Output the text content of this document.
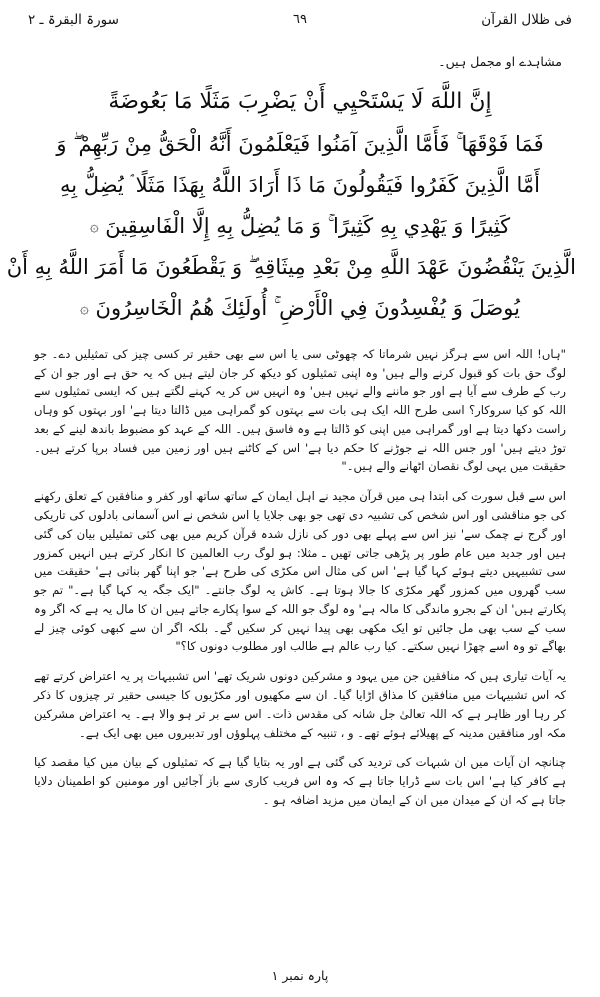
فی ظلال القرآن
٦٩
سورۃ البقرۃ ـ ٢
مشاہدے او مجمل ہیں۔
إِنَّ اللَّهَ لَا يَسْتَحْيِي أَنْ يَضْرِبَ مَثَلًا مَا بَعُوضَةً
فَمَا فَوْقَهَا ۚ فَأَمَّا الَّذِينَ آمَنُوا فَيَعْلَمُونَ أَنَّهُ الْحَقُّ مِنْ رَبِّهِمْ ۖ وَ
أَمَّا الَّذِينَ كَفَرُوا فَيَقُولُونَ مَا ذَا أَرَادَ اللَّهُ بِهَذَا مَثَلًا ۘ يُضِلُّ بِهِ
كَثِيرًا وَ يَهْدِي بِهِ كَثِيرًا ۚ وَ مَا يُضِلُّ بِهِ إِلَّا الْفَاسِقِينَ ۞
الَّذِينَ يَنْقُضُونَ عَهْدَ اللَّهِ مِنْ بَعْدِ مِيثَاقِهِ ۖ وَ يَقْطَعُونَ مَا أَمَرَ اللَّهُ بِهِ أَنْ
يُوصَلَ وَ يُفْسِدُونَ فِي الْأَرْضِ ۚ أُولَئِكَ هُمُ الْخَاسِرُونَ ۞

"ہاں! اللہ اس سے ہرگز نہیں شرماتا کہ چھوٹی سی یا اس سے بھی حقیر تر کسی چیز کی تمثیلیں دے۔ جو لوگ حق بات کو قبول کرنے والے ہیں' وہ اپنی تمثیلوں کو دیکھ کر جان لیتے ہیں کہ یہ حق ہے اور جو ان کے رب کے طرف سے آیا ہے اور جو ماننے والے نہیں ہیں' وہ انہیں س کر یہ کہنے لگتے ہیں کہ ایسی تمثیلوں سے اللہ کو کیا سروکار؟ اسی طرح اللہ ایک ہی بات سے بہتوں کو گمراہی میں ڈالتا دیتا ہے' اور بہتوں کو وہاں راست دکھا دیتا ہے اور گمراہی میں اپنی کو ڈالتا ہے وہ فاسق ہیں۔ اللہ کے عہد کو مضبوط باندھ لینے کے بعد توڑ دیتے ہیں' اور جس اللہ نے جوڑنے کا حکم دیا ہے' اس کے کاٹنے ہیں اور زمین میں فساد برپا کرتے ہیں۔ حقیقت میں یہی لوگ نقصان اٹھانے والے ہیں۔"

اس سے قبل سورت کی ابتدا ہی میں قرآن مجید نے اہل ایمان کے ساتھ ساتھ اور کفر و منافقین کے تعلق رکھنے کی جو مناقشی اور اس شخص کی تشبیہ دی تھی جو بھی جلایا یا اس شخص نے اس آسمانی بادلوں کی تاریکی اور گرج نے چمک سے' نیز اس سے پہلے بھی دور کی نازل شدہ قرآن کریم میں بھی کئی تمثیلیں بیان کی گئی ہیں اور جدید میں عام طور پر پڑھی جاتی تھیں ـ مثلا: ہو لوگ رب العالمین کا انکار کرتے ہیں انہیں کمزور سی تشبیہیں دیتے ہوئے کہا گیا ہے' اس کی مثال اس مکڑی کی طرح ہے' جو اپنا گھر بناتی ہے' حقیقت میں سب گھروں میں کمزور گھر مکڑی کا جالا ہوتا ہے۔ کاش یہ لوگ جانتے۔ "ایک جگہ یہ کہا گیا ہے۔" تم جو پکارتے ہیں' ان کے بجرو ماندگی کا مالہ ہے' وہ لوگ جو اللہ کے سوا پکارے جاتے ہیں ان کا مال یہ ہے کہ اگر وہ سب کے سب بھی مل جائیں تو ایک مکھی بھی پیدا نہیں کر سکیں گے۔ بلکہ اگر ان سے کبھی کوئی چیز لے بھاگے تو وہ اسے چھڑا نہیں سکتے۔ کیا رب عالم ہے طالب اور مطلوب دونوں کا؟"

یہ آیات تیاری ہیں کہ منافقین جن میں یہود و مشرکین دونوں شریک تھے' اس تشبیہات پر یہ اعتراض کرتے تھے کہ اس تشبیہات میں منافقین کا مذاق اڑایا گیا۔ ان سے مکھیوں اور مکڑیوں کا جیسی حقیر تر چیزوں کا ذکر کر رہا اور ظاہر ہے کہ اللہ تعالیٰ جل شانہ کی مقدس ذات۔ اس سے بر تر ہو والا ہے۔ یہ اعتراض مشرکین مکہ اور منافقین مدینہ کے پھیلائے ہوئے تھے۔ و ، تنبیہ کے مختلف پہلوؤں اور تدبیروں میں بھی ایک ہے۔

چنانچہ ان آیات میں ان شبہات کی تردید کی گئی ہے اور یہ بتایا گیا ہے کہ تمثیلوں کے بیان میں کیا مقصد کیا ہے کافر کیا ہے' اس بات سے ڈرایا جاتا ہے کہ وہ اس فریب کاری سے باز آجائیں اور مومنین کو اطمینان دلایا جاتا ہے کہ ان کے میدان میں ان کے ایمان میں مزید اضافہ ہو ۔

پارہ نمبر ١
